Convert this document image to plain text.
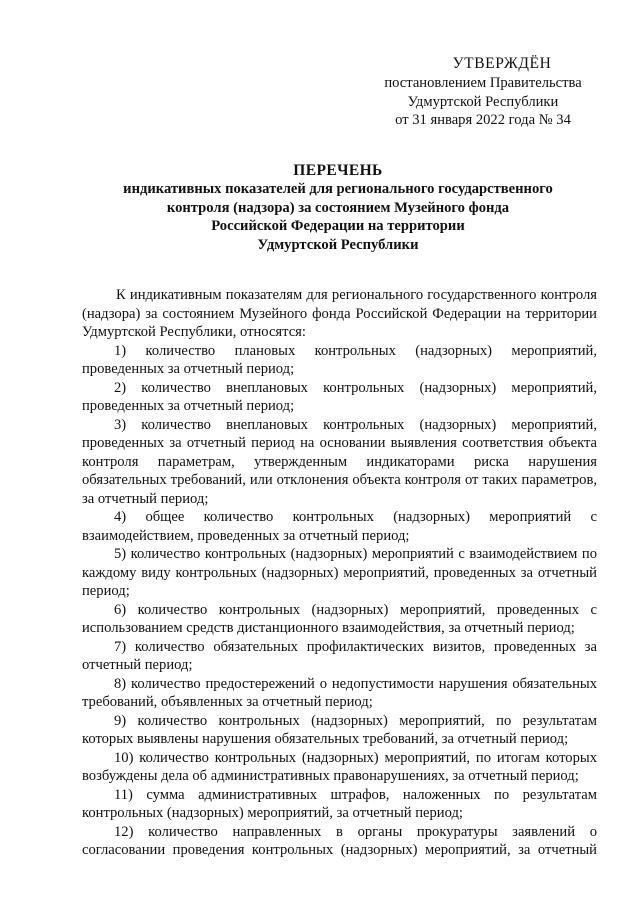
УТВЕРЖДЁН
постановлением Правительства
Удмуртской Республики
от 31 января 2022 года № 34
ПЕРЕЧЕНЬ
индикативных показателей для регионального государственного
контроля (надзора) за состоянием Музейного фонда
Российской Федерации на территории
Удмуртской Республики

К индикативным показателям для регионального государственного контроля (надзора) за состоянием Музейного фонда Российской Федерации на территории Удмуртской Республики, относятся:

1) количество плановых контрольных (надзорных) мероприятий, проведенных за отчетный период;

2) количество внеплановых контрольных (надзорных) мероприятий, проведенных за отчетный период;

3) количество внеплановых контрольных (надзорных) мероприятий, проведенных за отчетный период на основании выявления соответствия объекта контроля параметрам, утвержденным индикаторами риска нарушения обязательных требований, или отклонения объекта контроля от таких параметров, за отчетный период;

4) общее количество контрольных (надзорных) мероприятий с взаимодействием, проведенных за отчетный период;

5) количество контрольных (надзорных) мероприятий с взаимодействием по каждому виду контрольных (надзорных) мероприятий, проведенных за отчетный период;

6) количество контрольных (надзорных) мероприятий, проведенных с использованием средств дистанционного взаимодействия, за отчетный период;

7) количество обязательных профилактических визитов, проведенных за отчетный период;

8) количество предостережений о недопустимости нарушения обязательных требований, объявленных за отчетный период;

9) количество контрольных (надзорных) мероприятий, по результатам которых выявлены нарушения обязательных требований, за отчетный период;

10) количество контрольных (надзорных) мероприятий, по итогам которых возбуждены дела об административных правонарушениях, за отчетный период;

11) сумма административных штрафов, наложенных по результатам контрольных (надзорных) мероприятий, за отчетный период;

12) количество направленных в органы прокуратуры заявлений о согласовании проведения контрольных (надзорных) мероприятий, за отчетный
